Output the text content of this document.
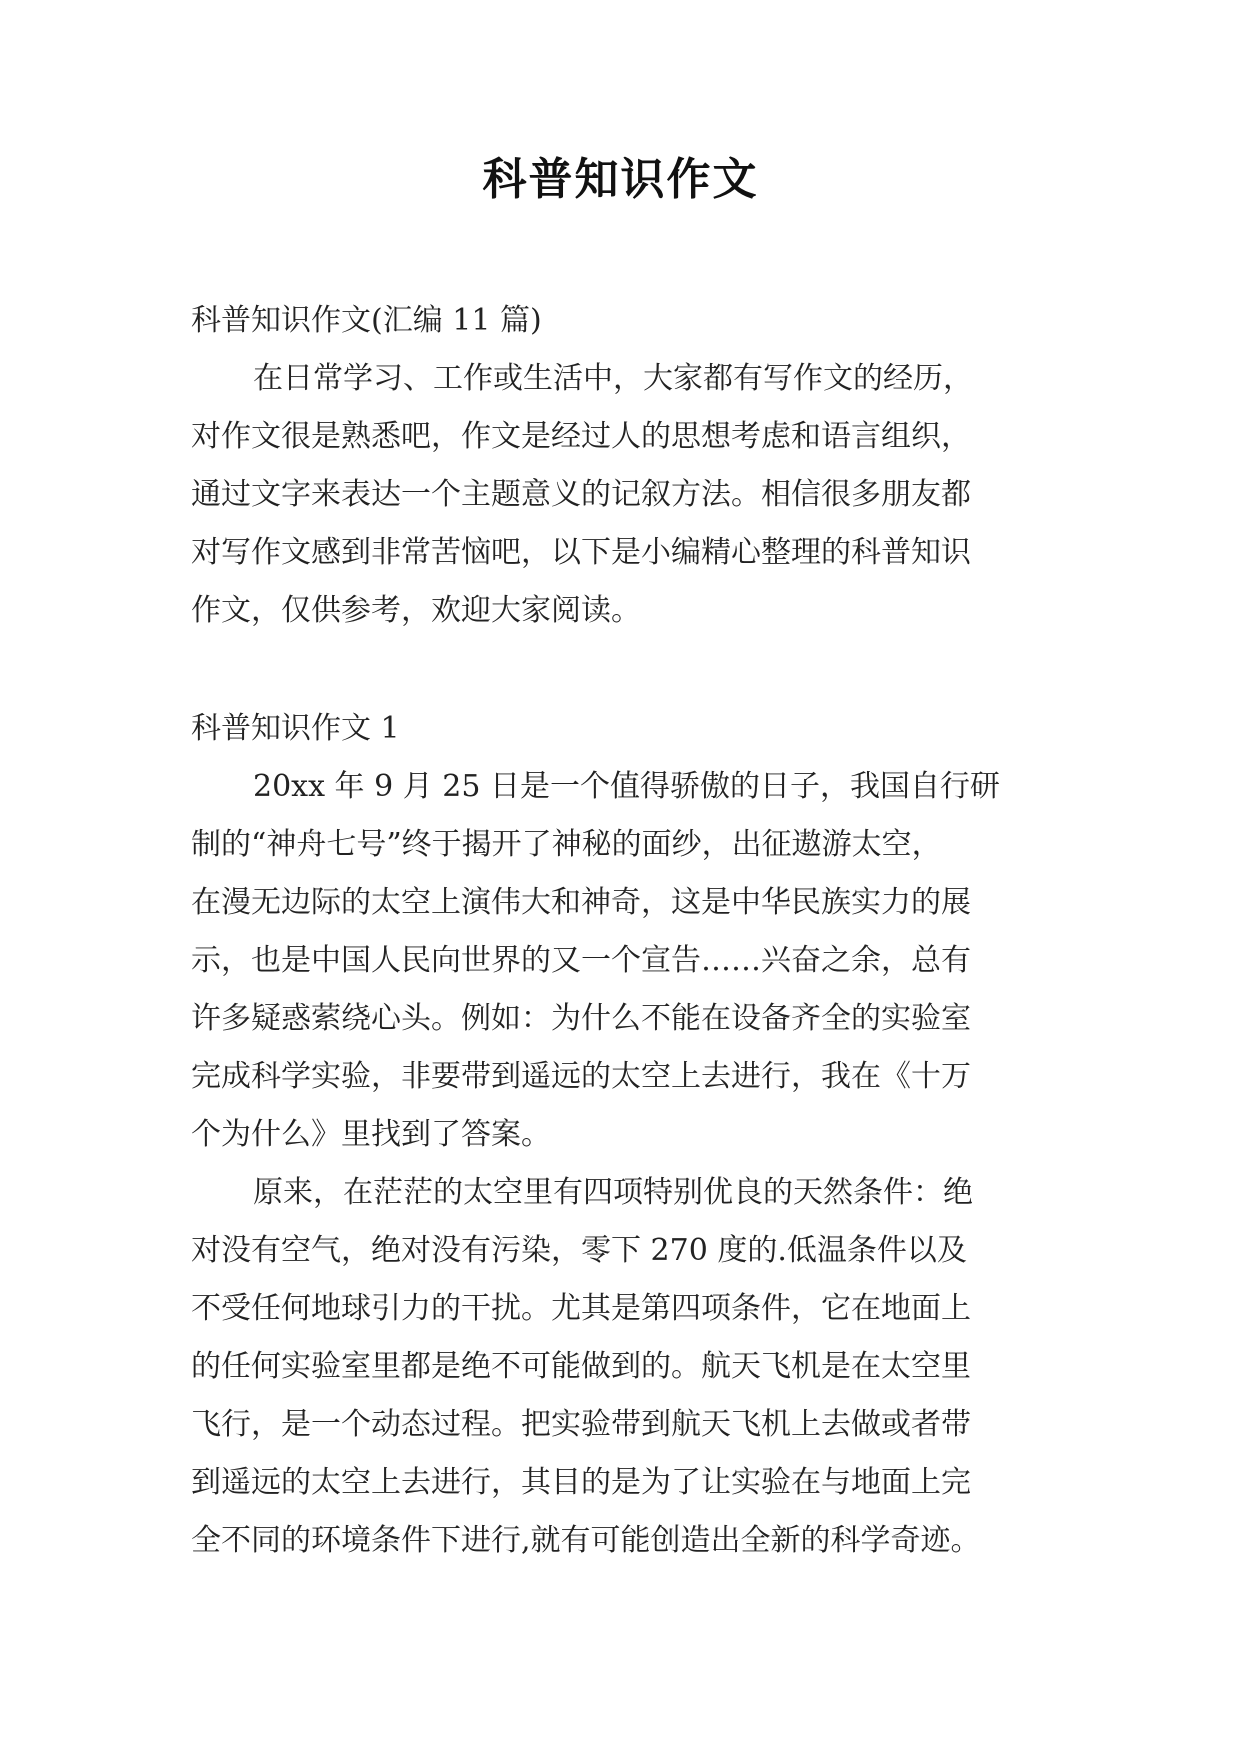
科普知识作文
科普知识作文(汇编 11 篇)
在日常学习、工作或生活中，大家都有写作文的经历，
对作文很是熟悉吧，作文是经过人的思想考虑和语言组织，
通过文字来表达一个主题意义的记叙方法。相信很多朋友都
对写作文感到非常苦恼吧，以下是小编精心整理的科普知识
作文，仅供参考，欢迎大家阅读。
科普知识作文 1
20xx 年 9 月 25 日是一个值得骄傲的日子，我国自行研
制的“神舟七号”终于揭开了神秘的面纱，出征遨游太空，
在漫无边际的太空上演伟大和神奇，这是中华民族实力的展
示，也是中国人民向世界的又一个宣告……兴奋之余，总有
许多疑惑萦绕心头。例如：为什么不能在设备齐全的实验室
完成科学实验，非要带到遥远的太空上去进行，我在《十万
个为什么》里找到了答案。
原来，在茫茫的太空里有四项特别优良的天然条件：绝
对没有空气，绝对没有污染，零下 270 度的.低温条件以及
不受任何地球引力的干扰。尤其是第四项条件，它在地面上
的任何实验室里都是绝不可能做到的。航天飞机是在太空里
飞行，是一个动态过程。把实验带到航天飞机上去做或者带
到遥远的太空上去进行，其目的是为了让实验在与地面上完
全不同的环境条件下进行,就有可能创造出全新的科学奇迹。
